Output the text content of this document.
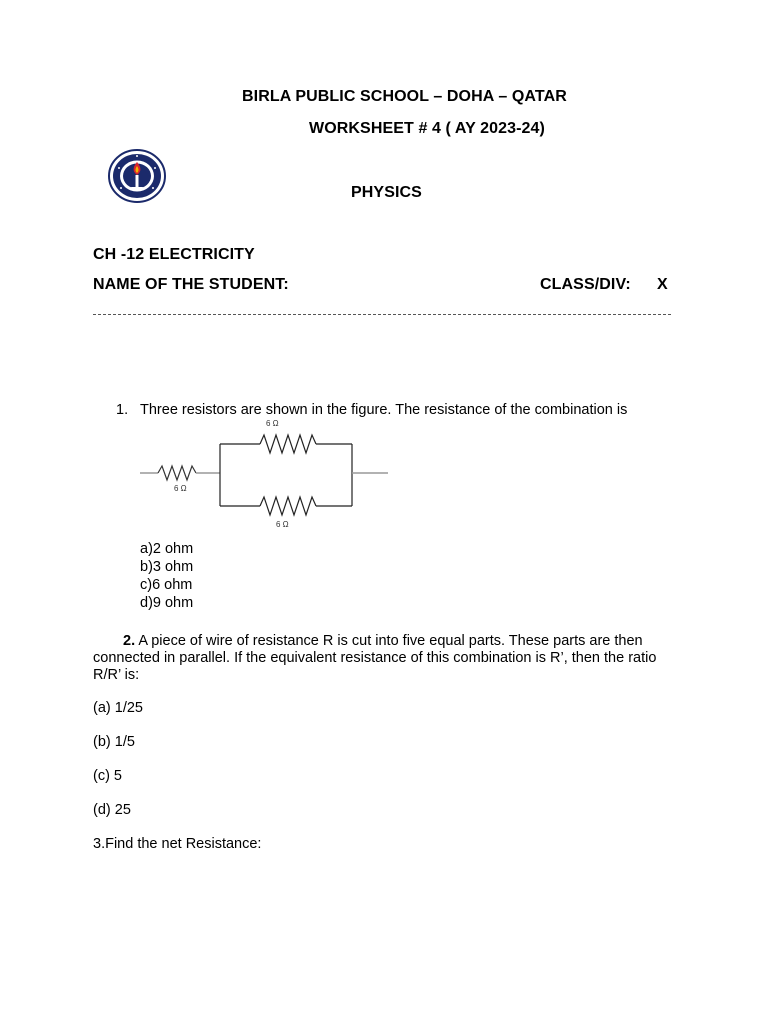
BIRLA PUBLIC SCHOOL – DOHA – QATAR
WORKSHEET # 4 ( AY 2023-24)
PHYSICS
CH -12 ELECTRICITY
NAME OF THE STUDENT:	CLASS/DIV: X
1. Three resistors are shown in the figure. The resistance of the combination is
6 Ω
6 Ω
6 Ω
a)2 ohm
b)3 ohm
c)6 ohm
d)9 ohm
2. A piece of wire of resistance R is cut into five equal parts. These parts are then connected in parallel. If the equivalent resistance of this combination is R’, then the ratio R/R’ is:
(a) 1/25
(b) 1/5
(c) 5
(d) 25
3.Find the net Resistance:
